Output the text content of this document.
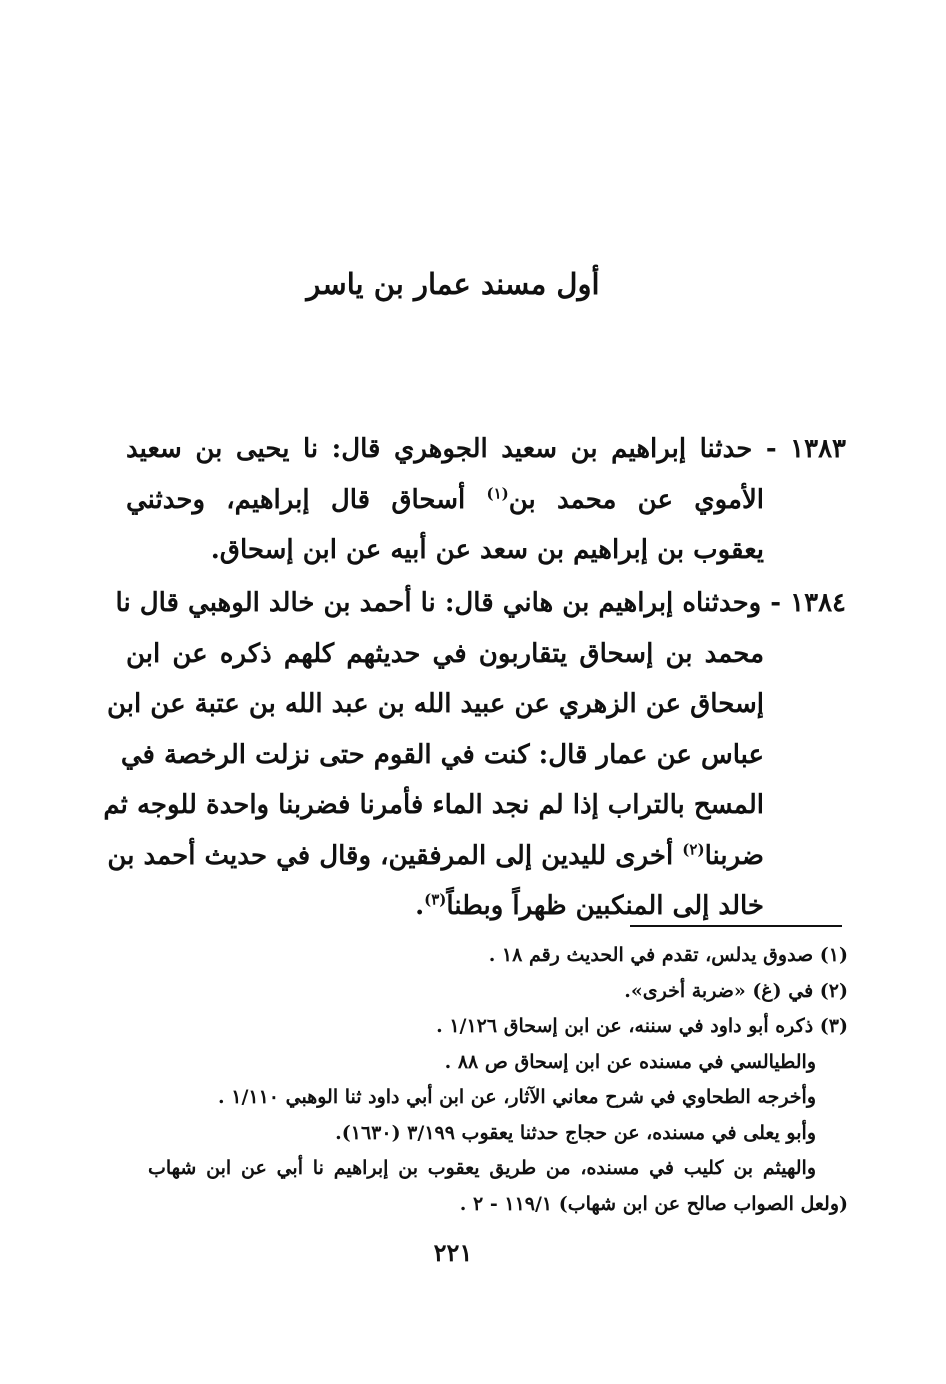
أول مسند عمار بن ياسر
١٣٨٣ - حدثنا إبراهيم بن سعيد الجوهري قال: نا يحيى بن سعيد
الأموي عن محمد بن$^{(١)}$ أسحاق قال إبراهيم، وحدثني
يعقوب بن إبراهيم بن سعد عن أبيه عن ابن إسحاق.
١٣٨٤ - وحدثناه إبراهيم بن هاني قال: نا أحمد بن خالد الوهبي قال نا
محمد بن إسحاق يتقاربون في حديثهم كلهم ذكره عن ابن
إسحاق عن الزهري عن عبيد الله بن عبد الله بن عتبة عن ابن
عباس عن عمار قال: كنت في القوم حتى نزلت الرخصة في
المسح بالتراب إذا لم نجد الماء فأمرنا فضربنا واحدة للوجه ثم
ضربنا$^{(٢)}$ أخرى لليدين إلى المرفقين، وقال في حديث أحمد بن
خالد إلى المنكبين ظهراً وبطناً$^{(٣)}$.
(١) صدوق يدلس، تقدم في الحديث رقم ١٨ .
(٢) في (غ) «ضربة أخرى».
(٣) ذكره أبو داود في سننه، عن ابن إسحاق ١/١٢٦ .
والطيالسي في مسنده عن ابن إسحاق ص ٨٨ .
وأخرجه الطحاوي في شرح معاني الآثار، عن ابن أبي داود ثنا الوهبي ١/١١٠ .
وأبو يعلى في مسنده، عن حجاج حدثنا يعقوب ٣/١٩٩ (١٦٣٠).
والهيثم بن كليب في مسنده، من طريق يعقوب بن إبراهيم نا أبي عن ابن شهاب
(ولعل الصواب صالح عن ابن شهاب) ١١٩/١ - ٢ .
٢٢١
